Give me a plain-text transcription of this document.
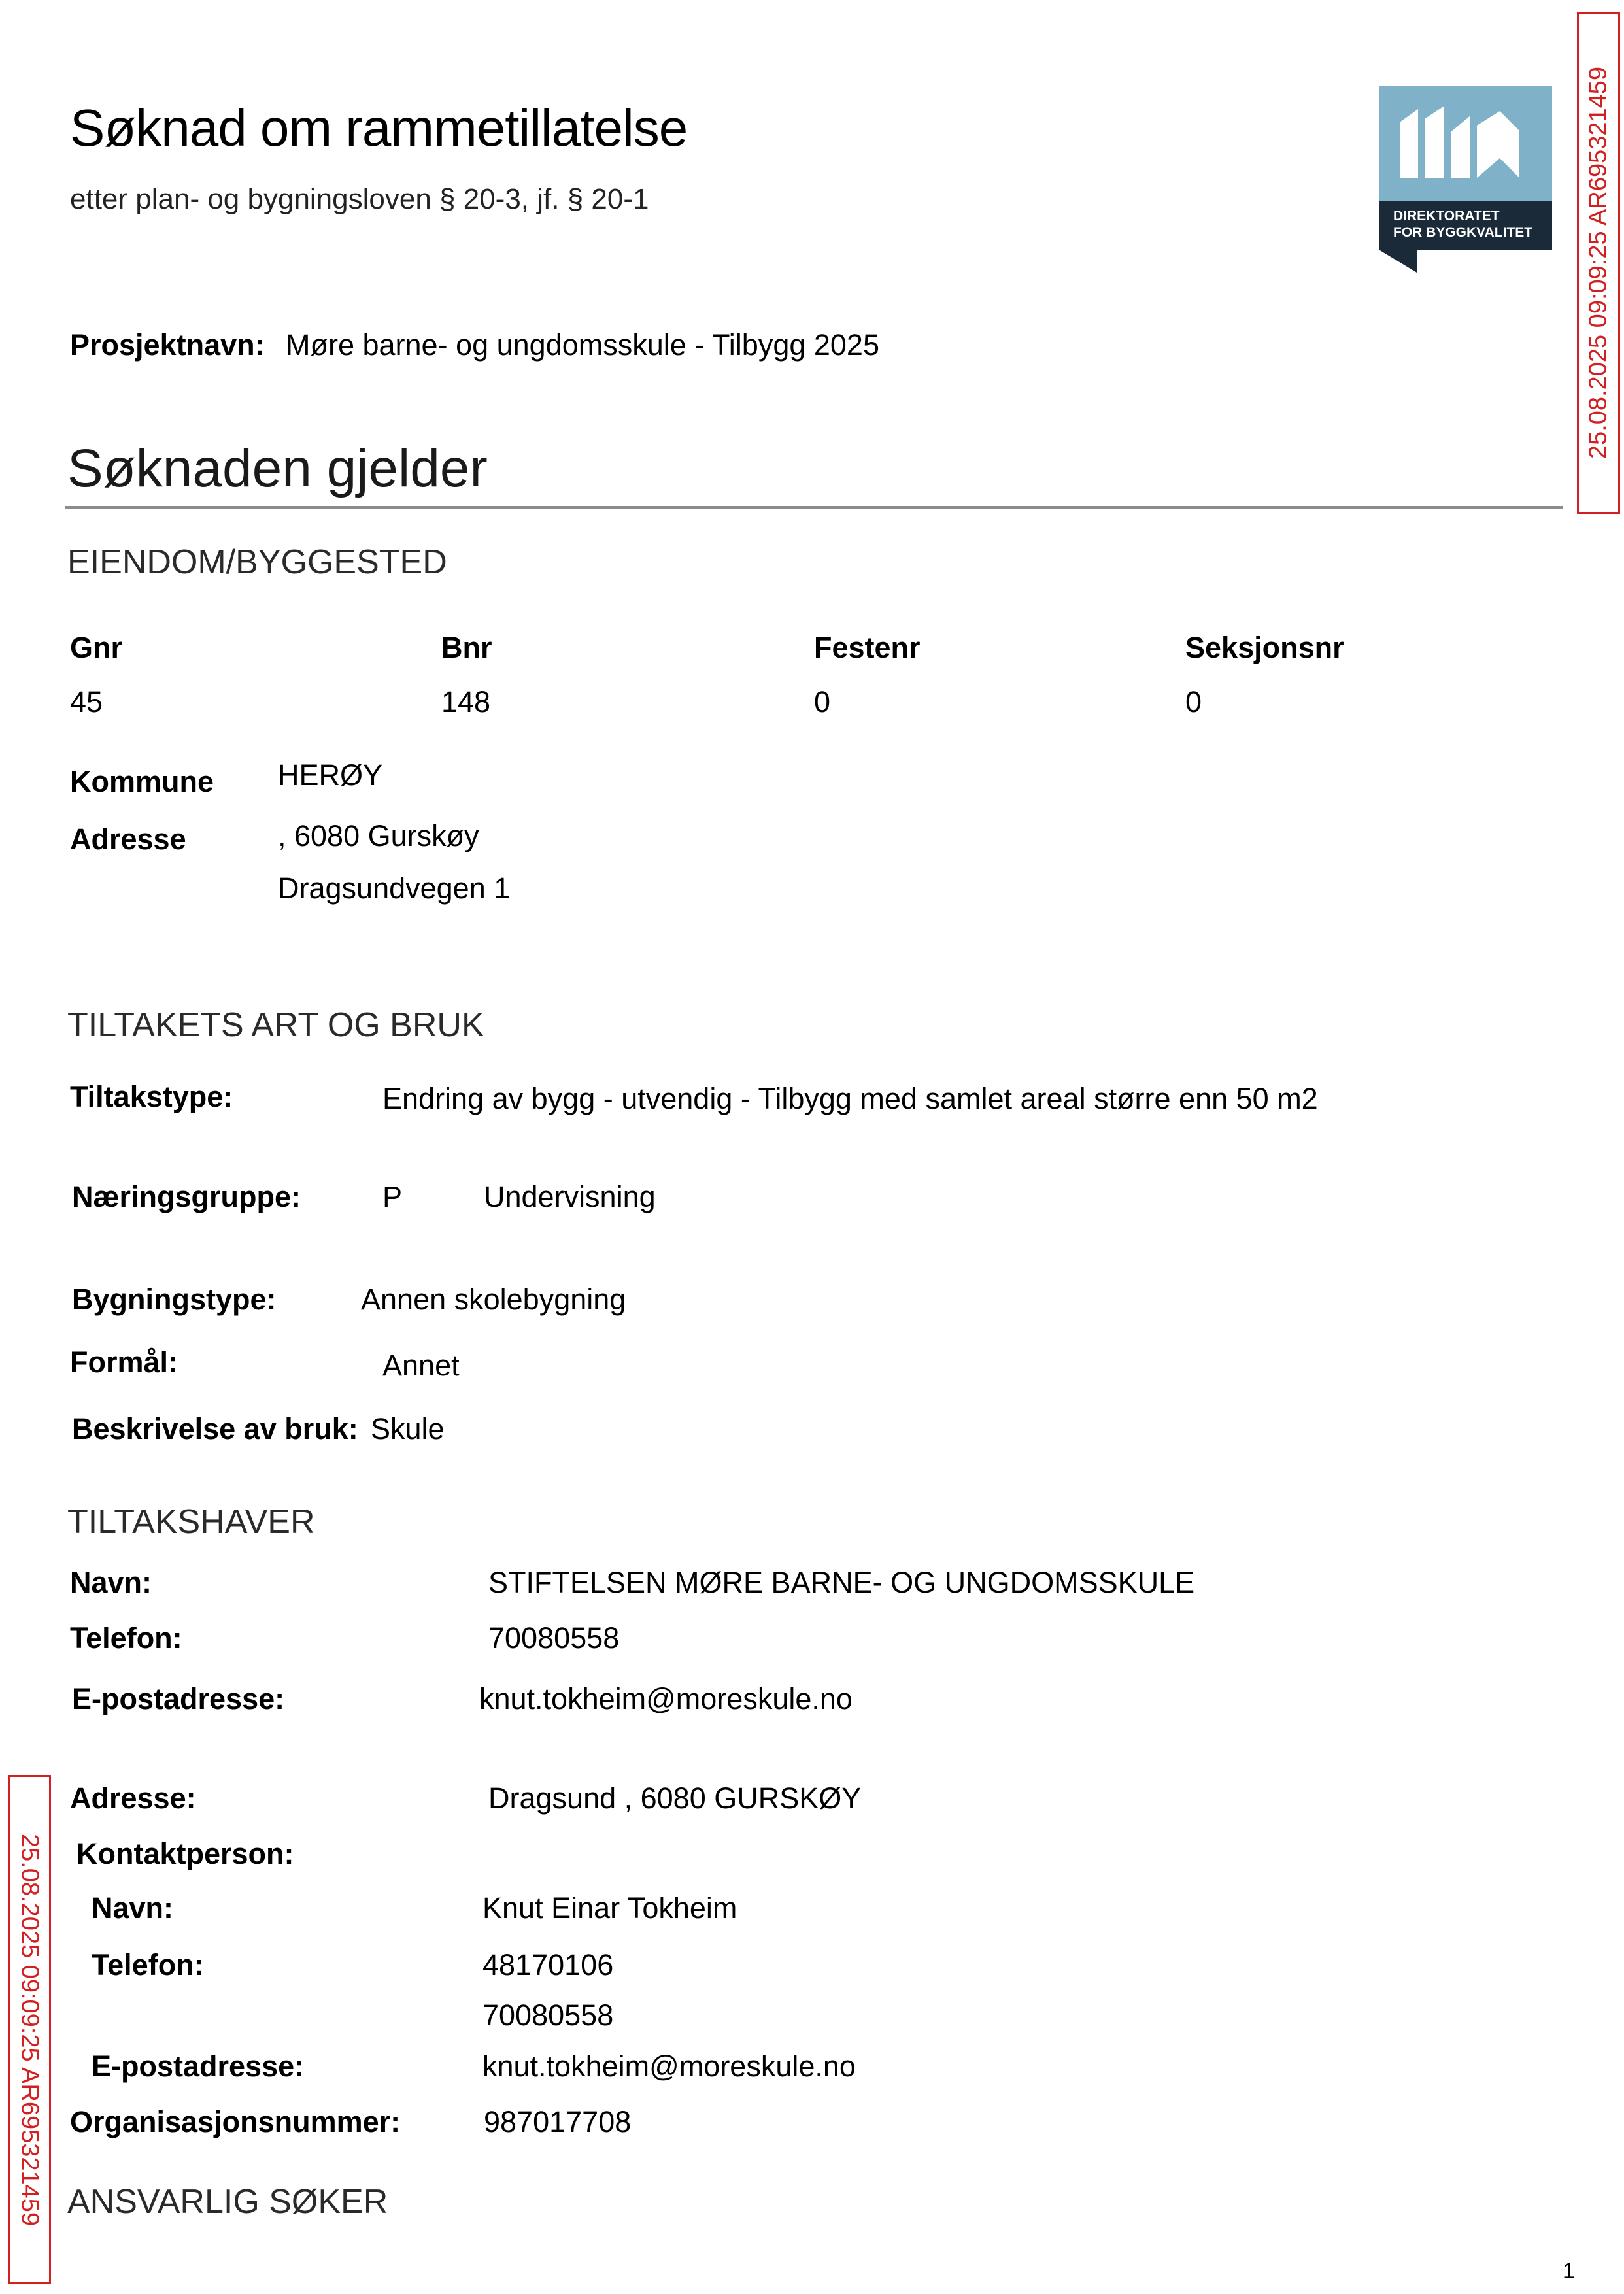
Søknad om rammetillatelse
etter plan- og bygningsloven § 20-3, jf. § 20-1
DIREKTORATET
FOR BYGGKVALITET 25.08.2025 09:09:25 AR695321459
25.08.2025 09:09:25 AR695321459
Prosjektnavn: Møre barne- og ungdomsskule - Tilbygg 2025
Søknaden gjelder
EIENDOM/BYGGESTED
Gnr	Bnr	Festenr	Seksjonsnr
45	148	0	0
Kommune HERØY
Adresse	, 6080 Gurskøy
Dragsundvegen 1
TILTAKETS ART OG BRUK
Tiltakstype:	Endring av bygg - utvendig - Tilbygg med samlet areal større enn 50 m2
Næringsgruppe:	P	Undervisning
Bygningstype:	Annen skolebygning
Formål:	Annet
Beskrivelse av bruk: Skule
TILTAKSHAVER
Navn:	STIFTELSEN MØRE BARNE- OG UNGDOMSSKULE
Telefon:	70080558
E-postadresse:	knut.tokheim@moreskule.no
Adresse:	Dragsund , 6080 GURSKØY
Kontaktperson:
Navn:	Knut Einar Tokheim
Telefon:	48170106
70080558
E-postadresse:	knut.tokheim@moreskule.no
Organisasjonsnummer:	987017708
ANSVARLIG SØKER
1
